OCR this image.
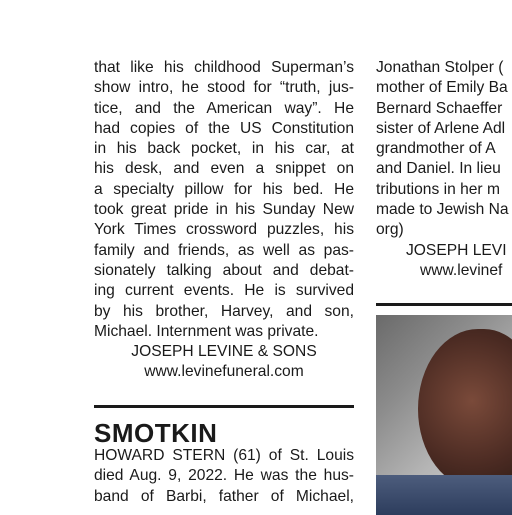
that like his childhood Superman’s
show intro, he stood for “truth, jus-
tice, and the American way”. He
had copies of the US Constitution
in his back pocket, in his car, at
his desk, and even a snippet on
a specialty pillow for his bed. He
took great pride in his Sunday New
York Times crossword puzzles, his
family and friends, as well as pas-
sionately talking about and debat-
ing current events. He is survived
by his brother, Harvey, and son,
Michael. Internment was private.
JOSEPH LEVINE & SONS
www.levinefuneral.com
SMOTKIN
HOWARD STERN (61) of St. Louis
died Aug. 9, 2022. He was the hus-
band of Barbi, father of Michael,
Jonathan Stolper (
mother of Emily Ba
Bernard Schaeffer
sister of Arlene Adl
grandmother of A
and Daniel. In lieu
tributions in her m
made to Jewish Na
org)
JOSEPH LEVI
www.levinef
